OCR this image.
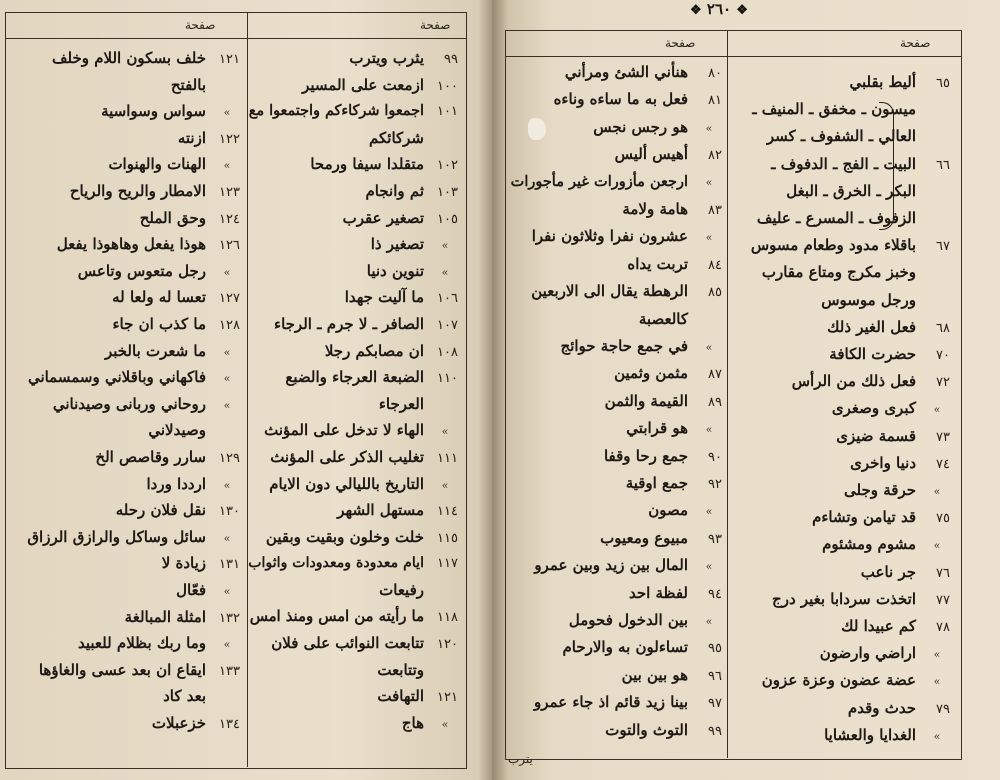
❖ ٢٦٠ ❖
صفحة
صفحة
صفحة
صفحة
يترب
٦٥أليط بقلبي
ميسون ـ مخفق ـ المنيف ـ
العالي ـ الشفوف ـ كسر
٦٦البيت ـ الفج ـ الدفوف ـ
البكر ـ الخرق ـ البغل
الزفوف ـ المسرع ـ عليف
٦٧باقلاء مدود وطعام مسوس
وخبز مكرج ومتاع مقارب
ورجل موسوس
٦٨فعل الغير ذلك
٧٠حضرت الكافة
٧٢فعل ذلك من الرأس
»كبرى وصغرى
٧٣قسمة ضيزى
٧٤دنيا واخرى
»حرقة وجلى
٧٥قد تيامن وتشاءم
»مشوم ومشئوم
٧٦جر ناعب
٧٧اتخذت سردابا بغير درج
٧٨كم عبيدا لك
»اراضي وارضون
»عضة عضون وعزة عزون
٧٩حدث وقدم
»الغدايا والعشايا
٨٠هنأني الشئ ومرأني
٨١فعل به ما ساءه وناءه
»هو رجس نجس
٨٢أهيس أليس
»ارجعن مأزورات غير مأجورات
٨٣هامة ولامة
»عشرون نفرا وثلاثون نفرا
٨٤تربت يداه
٨٥الرهطة يقال الى الاربعين
كالعصبة
»في جمع حاجة حوائج
٨٧مثمن وثمين
٨٩القيمة والثمن
»هو قرابتي
٩٠جمع رحا وقفا
٩٢جمع اوقية
»مصون
٩٣مبيوع ومعيوب
»المال بين زيد وبين عمرو
٩٤لفظة احد
»بين الدخول فحومل
٩٥تساءلون به والارحام
٩٦هو بين بين
٩٧بينا زيد قائم اذ جاء عمرو
٩٩التوث والتوت
٩٩يثرب ويترب
١٠٠ازمعت على المسير
١٠١اجمعوا شركاءكم واجتمعوا مع
شركائكم
١٠٢متقلدا سيفا ورمحا
١٠٣ثم وانجام
١٠٥تصغير عقرب
»تصغير ذا
»تنوين دنيا
١٠٦ما آليت جهدا
١٠٧الصافر ـ لا جرم ـ الرجاء
١٠٨ان مصابكم رجلا
١١٠الضبعة العرجاء والضبع
العرجاء
»الهاء لا تدخل على المؤنث
١١١تغليب الذكر على المؤنث
»التاريخ بالليالي دون الايام
١١٤مستهل الشهر
١١٥خلت وخلون وبقيت وبقين
١١٧ايام معدودة ومعدودات واثواب
رفيعات
١١٨ما رأيته من امس ومنذ امس
١٢٠تتابعت النوائب على فلان
وتتابعت
١٢١التهافت
»هاج
١٢١خلف بسكون اللام وخلف
بالفتح
»سواس وسواسية
١٢٢ازنته
»الهنات والهنوات
١٢٣الامطار والريح والرياح
١٢٤وحق الملح
١٢٦هوذا يفعل وهاهوذا يفعل
»رجل متعوس وتاعس
١٢٧تعسا له ولعا له
١٢٨ما كذب ان جاء
»ما شعرت بالخبر
»فاكهاني وباقلاني وسمسماني
»روحاني وربانى وصيدناني
وصيدلاني
١٢٩سارر وقاصص الخ
»ارددا وردا
١٣٠نقل فلان رحله
»سائل وساكل والرازق الرزاق
١٣١زيادة لا
»فعّال
١٣٢امثلة المبالغة
»وما ربك بظلام للعبيد
١٣٣ايقاع ان بعد عسى والغاؤها
بعد كاد
١٣٤خزعبلات
